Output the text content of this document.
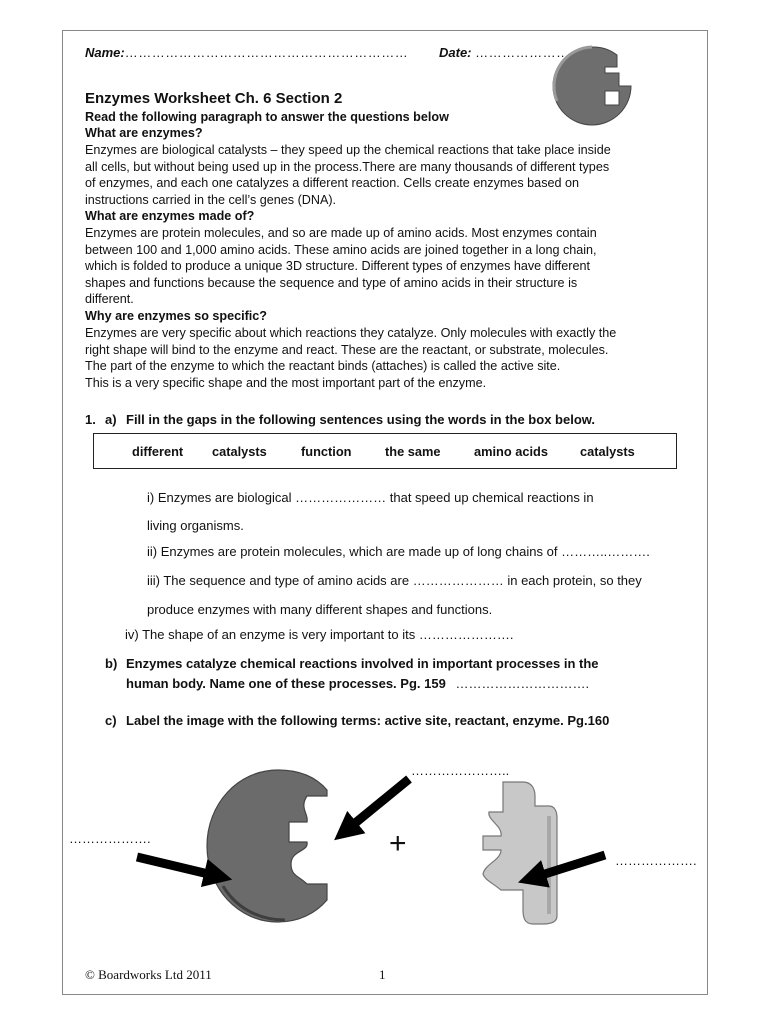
Name:……………………………………………………… Date: …………………
Enzymes Worksheet Ch. 6 Section 2
Read the following paragraph to answer the questions below
What are enzymes?
Enzymes are biological catalysts – they speed up the chemical reactions that take place inside
all cells, but without being used up in the process.There are many thousands of different types
of enzymes, and each one catalyzes a different reaction. Cells create enzymes based on
instructions carried in the cell’s genes (DNA).
What are enzymes made of?
Enzymes are protein molecules, and so are made up of amino acids. Most enzymes contain
between 100 and 1,000 amino acids. These amino acids are joined together in a long chain,
which is folded to produce a unique 3D structure. Different types of enzymes have different
shapes and functions because the sequence and type of amino acids in their structure is
different.
Why are enzymes so specific?
Enzymes are very specific about which reactions they catalyze. Only molecules with exactly the
right shape will bind to the enzyme and react. These are the reactant, or substrate, molecules.
The part of the enzyme to which the reactant binds (attaches) is called the active site.
This is a very specific shape and the most important part of the enzyme.
1. a) Fill in the gaps in the following sentences using the words in the box below.
different catalysts	function	the same	amino acids	catalysts
i) Enzymes are biological ………………… that speed up chemical reactions in
living organisms.
ii) Enzymes are protein molecules, which are made up of long chains of ………..……….
iii) The sequence and type of amino acids are ………………… in each protein, so they
produce enzymes with many different shapes and functions.
iv) The shape of an enzyme is very important to its ………………….
b) Enzymes catalyze chemical reactions involved in important processes in the
human body. Name one of these processes. Pg. 159 ………………………….
c) Label the image with the following terms: active site, reactant, enzyme. Pg.160
…………………..
……………….
……………….
+
© Boardworks Ltd 2011	1
